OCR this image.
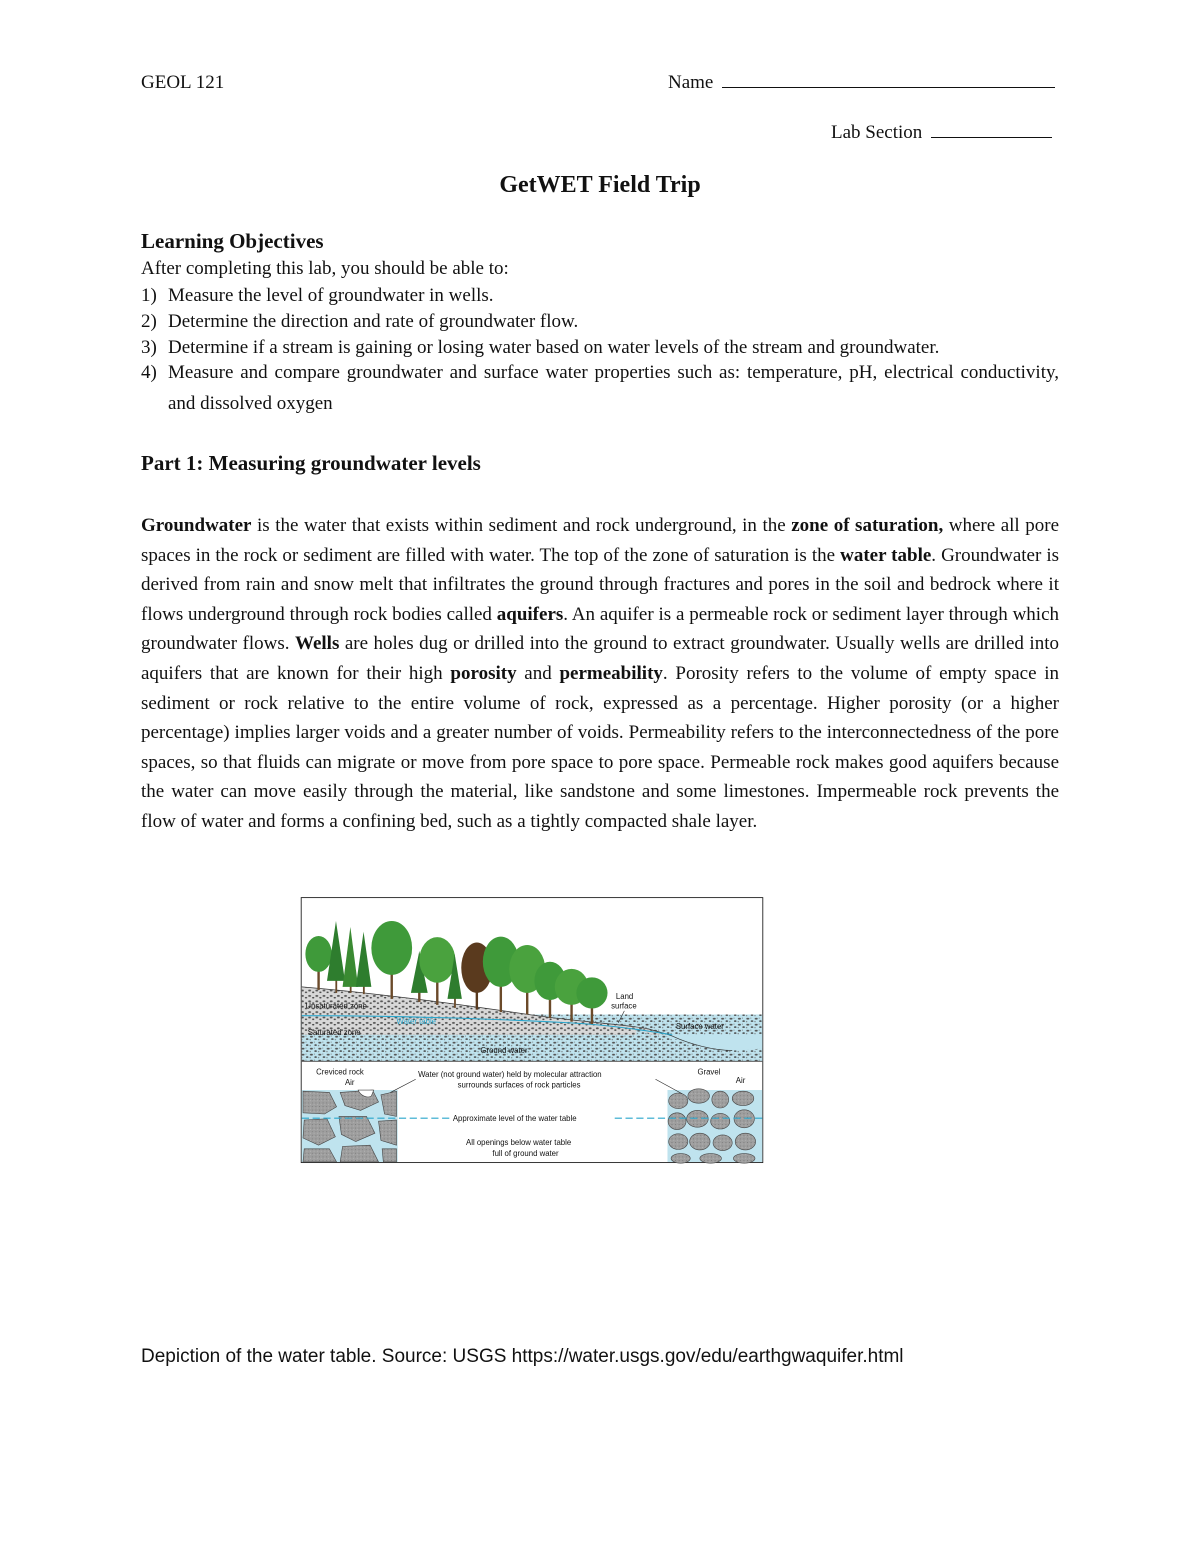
GEOL 121	Name
Lab Section
GetWET Field Trip
Learning Objectives
After completing this lab, you should be able to:
1) Measure the level of groundwater in wells.
2) Determine the direction and rate of groundwater flow.
3) Determine if a stream is gaining or losing water based on water levels of the stream and groundwater.
4) Measure and compare groundwater and surface water properties such as: temperature, pH, electrical conductivity, and dissolved oxygen
Part 1: Measuring groundwater levels
Groundwater is the water that exists within sediment and rock underground, in the zone of saturation, where all pore spaces in the rock or sediment are filled with water. The top of the zone of saturation is the water table. Groundwater is derived from rain and snow melt that infiltrates the ground through fractures and pores in the soil and bedrock where it flows underground through rock bodies called aquifers. An aquifer is a permeable rock or sediment layer through which groundwater flows. Wells are holes dug or drilled into the ground to extract groundwater. Usually wells are drilled into aquifers that are known for their high porosity and permeability. Porosity refers to the volume of empty space in sediment or rock relative to the entire volume of rock, expressed as a percentage. Higher porosity (or a higher percentage) implies larger voids and a greater number of voids. Permeability refers to the interconnectedness of the pore spaces, so that fluids can migrate or move from pore space to pore space. Permeable rock makes good aquifers because the water can move easily through the material, like sandstone and some limestones. Impermeable rock prevents the flow of water and forms a confining bed, such as a tightly compacted shale layer.
Unsaturated zone
Water table
Saturated zone
Ground water
Land
surface
Surface water
Creviced rock
Air
Gravel
Air
Water (not ground water) held by molecular attraction
surrounds surfaces of rock particles
Approximate level of the water table
All openings below water table
full of ground water
Depiction of the water table. Source: USGS https://water.usgs.gov/edu/earthgwaquifer.html
